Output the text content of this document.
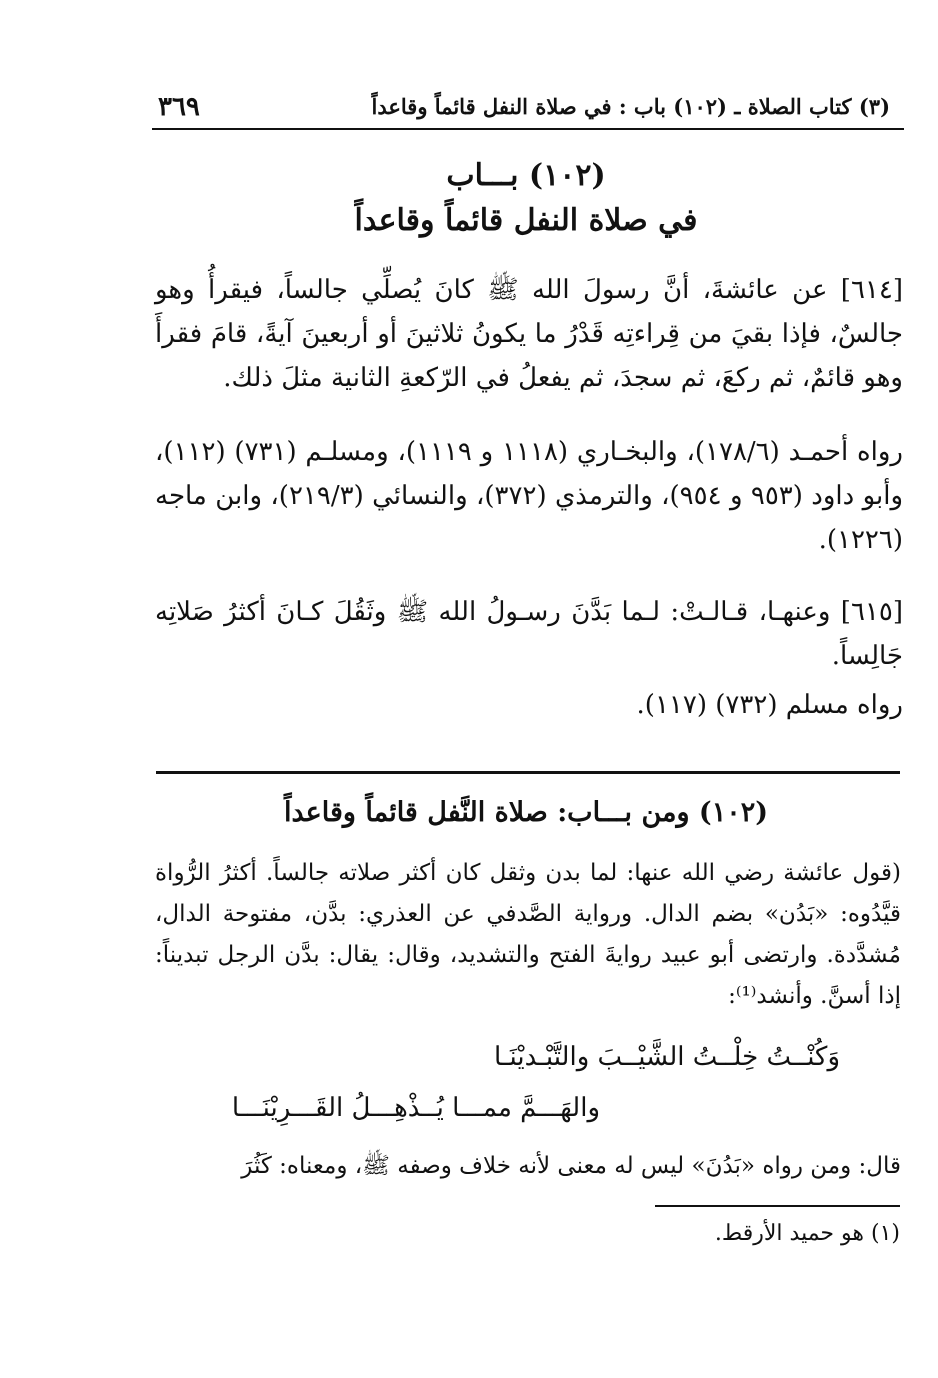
٣٦٩	(٣) كتاب الصلاة ـ (١٠٢) باب : في صلاة النفل قائماً وقاعداً
(١٠٢) بـــاب
في صلاة النفل قائماً وقاعداً
[٦١٤] عن عائشةَ، أنَّ رسولَ الله ﷺ كانَ يُصلِّي جالساً، فيقرأُ وهو جالسٌ، فإذا بقيَ من قِراءتِه قَدْرُ ما يكونُ ثلاثينَ أو أربعينَ آيةً، قامَ فقرأَ وهو قائمٌ، ثم ركعَ، ثم سجدَ، ثم يفعلُ في الرّكعةِ الثانية مثلَ ذلك.
رواه أحمـد (١٧٨/٦)، والبخـاري (١١١٨ و ١١١٩)، ومسلـم (٧٣١) (١١٢)، وأبو داود (٩٥٣ و ٩٥٤)، والترمذي (٣٧٢)، والنسائي (٢١٩/٣)، وابن ماجه (١٢٢٦).
[٦١٥] وعنهـا، قـالـتْ: لـما بَدَّنَ رسـولُ الله ﷺ وثَقُلَ كـانَ أكثرُ صَلاتِه جَالِساً.
رواه مسلم (٧٣٢) (١١٧).
(١٠٢) ومن بـــاب: صلاة النَّفل قائماً وقاعداً
(قول عائشة رضي الله عنها: لما بدن وثقل كان أكثر صلاته جالساً. أكثرُ الرُّواة قيَّدُوه: «بَدُن» بضم الدال. ورواية الصَّدفي عن العذري: بدَّن، مفتوحة الدال، مُشدَّدة. وارتضى أبو عبيد روايةَ الفتح والتشديد، وقال: يقال: بدَّن الرجل تبديناً: إذا أسنَّ. وأنشد⁽¹⁾:
وَكُنْــتُ خِلْــتُ الشَّيْــبَ والتَّبْـديْنَـا
والهَـــمَّ ممـــا يُــذْهِـــلُ القَـــرِيْنَـــا
قال: ومن رواه «بَدُنَ» ليس له معنى لأنه خلاف وصفه ﷺ، ومعناه: كَثُرَ
(١) هو حميد الأرقط.
